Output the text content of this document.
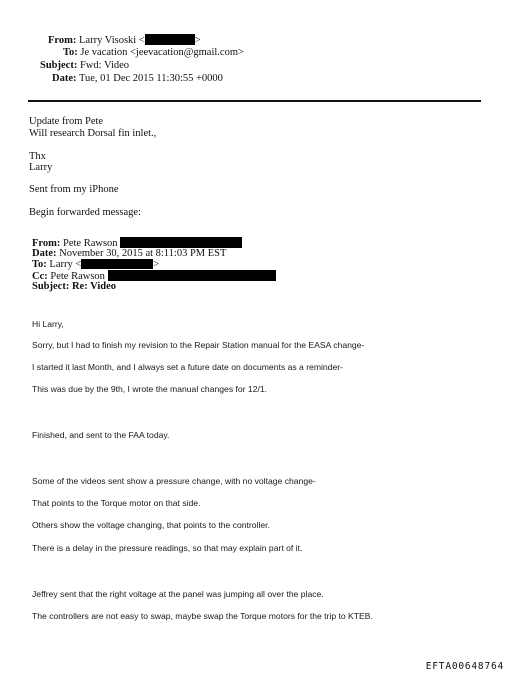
From: Larry Visoski <	>
To: Je vacation <jeevacation@gmail.com>
Subject: Fwd: Video
Date: Tue, 01 Dec 2015 11:30:55 +0000
Update from Pete
Will research Dorsal fin inlet.,
Thx
Larry
Sent from my iPhone
Begin forwarded message:
From: Pete Rawson
Date: November 30, 2015 at 8:11:03 PM EST
To: Larry <	>
Cc: Pete Rawson
Subject: Re: Video
Hi Larry,
Sorry, but I had to finish my revision to the Repair Station manual for the EASA change-
I started it last Month, and I always set a future date on documents as a reminder-
This was due by the 9th, I wrote the manual changes for 12/1.
Finished, and sent to the FAA today.
Some of the videos sent show a pressure change, with no voltage change-
That points to the Torque motor on that side.
Others show the voltage changing, that points to the controller.
There is a delay in the pressure readings, so that may explain part of it.
Jeffrey sent that the right voltage at the panel was jumping all over the place.
The controllers are not easy to swap, maybe swap the Torque motors for the trip to KTEB.
EFTA00648764
